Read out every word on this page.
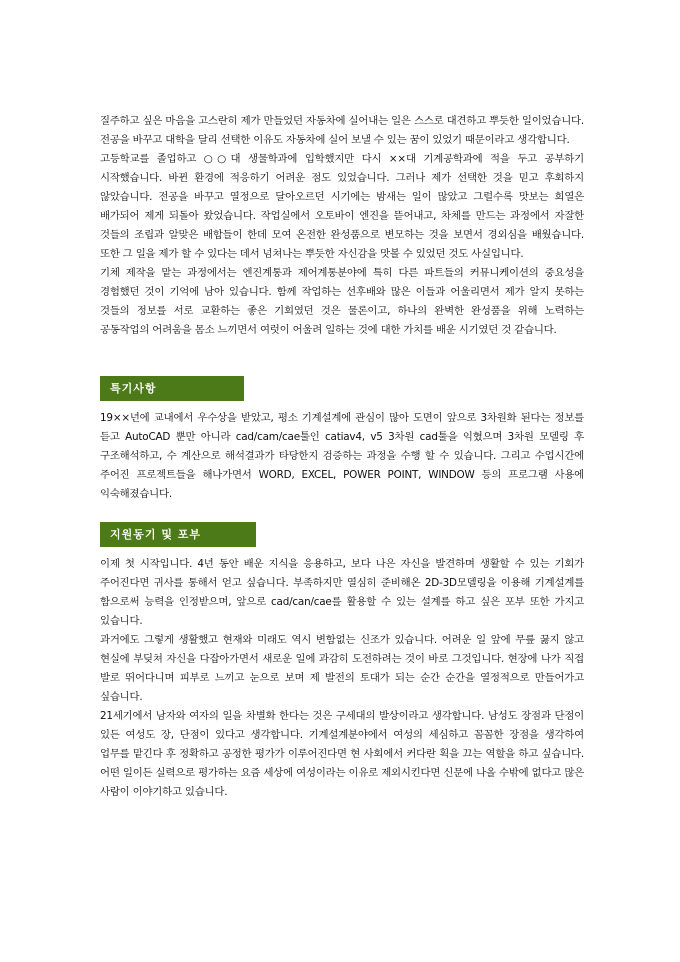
질주하고 싶은 마음을 고스란히 제가 만들었던 자동차에 실어내는 일은 스스로 대견하고 뿌듯한 일이었습니다. 전공을 바꾸고 대학을 달리 선택한 이유도 자동차에 실어 보낼 수 있는 꿈이 있었기 때문이라고 생각합니다.

고등학교를 졸업하고 ○○대 생물학과에 입학했지만 다시 ××대 기계공학과에 적을 두고 공부하기 시작했습니다. 바뀐 환경에 적응하기 어려운 점도 있었습니다. 그러나 제가 선택한 것을 믿고 후회하지 않았습니다. 전공을 바꾸고 열정으로 달아오르던 시기에는 밤새는 일이 많았고 그럴수록 맛보는 희열은 배가되어 제게 되돌아 왔었습니다. 작업실에서 오토바이 엔진을 뜯어내고, 차체를 만드는 과정에서 자잘한 것들의 조립과 알맞은 배합들이 한데 모여 온전한 완성품으로 변모하는 것을 보면서 경외심을 배웠습니다. 또한 그 일을 제가 할 수 있다는 데서 넘쳐나는 뿌듯한 자신감을 맛볼 수 있었던 것도 사실입니다.

기체 제작을 맡는 과정에서는 엔진계통과 제어계통분야에 특히 다른 파트들의 커뮤니케이션의 중요성을 경험했던 것이 기억에 남아 있습니다. 함께 작업하는 선후배와 많은 이들과 어울리면서 제가 알지 못하는 것들의 정보를 서로 교환하는 좋은 기회였던 것은 물론이고, 하나의 완벽한 완성품을 위해 노력하는 공동작업의 어려움을 몸소 느끼면서 여럿이 어울려 일하는 것에 대한 가치를 배운 시기였던 것 같습니다.

특기사항

19××년에 교내에서 우수상을 받았고, 평소 기계설계에 관심이 많아 도면이 앞으로 3차원화 된다는 정보를 듣고 AutoCAD 뿐만 아니라 cad/cam/cae툴인 catiav4, v5 3차원 cad툴을 익혔으며 3차원 모델링 후 구조해석하고, 수 계산으로 해석결과가 타당한지 검증하는 과정을 수행 할 수 있습니다. 그리고 수업시간에 주어진 프로젝트들을 해나가면서 WORD, EXCEL, POWER POINT, WINDOW 등의 프로그램 사용에 익숙해졌습니다.

지원동기 및 포부

이제 첫 시작입니다. 4년 동안 배운 지식을 응용하고, 보다 나은 자신을 발견하며 생활할 수 있는 기회가 주어진다면 귀사를 통해서 얻고 싶습니다. 부족하지만 열심히 준비해온 2D-3D모델링을 이용해 기계설계를 함으로써 능력을 인정받으며, 앞으로 cad/can/cae를 활용할 수 있는 설계를 하고 싶은 포부 또한 가지고 있습니다.

과거에도 그렇게 생활했고 현재와 미래도 역시 변함없는 신조가 있습니다. 어려운 일 앞에 무릎 꿇지 않고 현실에 부딪쳐 자신을 다잡아가면서 새로운 일에 과감히 도전하려는 것이 바로 그것입니다. 현장에 나가 직접 발로 뛰어다니며 피부로 느끼고 눈으로 보며 제 발전의 토대가 되는 순간 순간을 열정적으로 만들어가고 싶습니다.

21세기에서 남자와 여자의 일을 차별화 한다는 것은 구세대의 발상이라고 생각합니다. 남성도 장점과 단점이 있든 여성도 장, 단점이 있다고 생각합니다. 기계설계분야에서 여성의 세심하고 꼼꼼한 장점을 생각하여 업무를 맡긴다 후 정확하고 공정한 평가가 이루어진다면 현 사회에서 커다란 획을 끄는 역할을 하고 싶습니다. 어떤 일이든 실력으로 평가하는 요즘 세상에 여성이라는 이유로 제외시킨다면 신문에 나올 수밖에 없다고 많은 사람이 이야기하고 있습니다.
